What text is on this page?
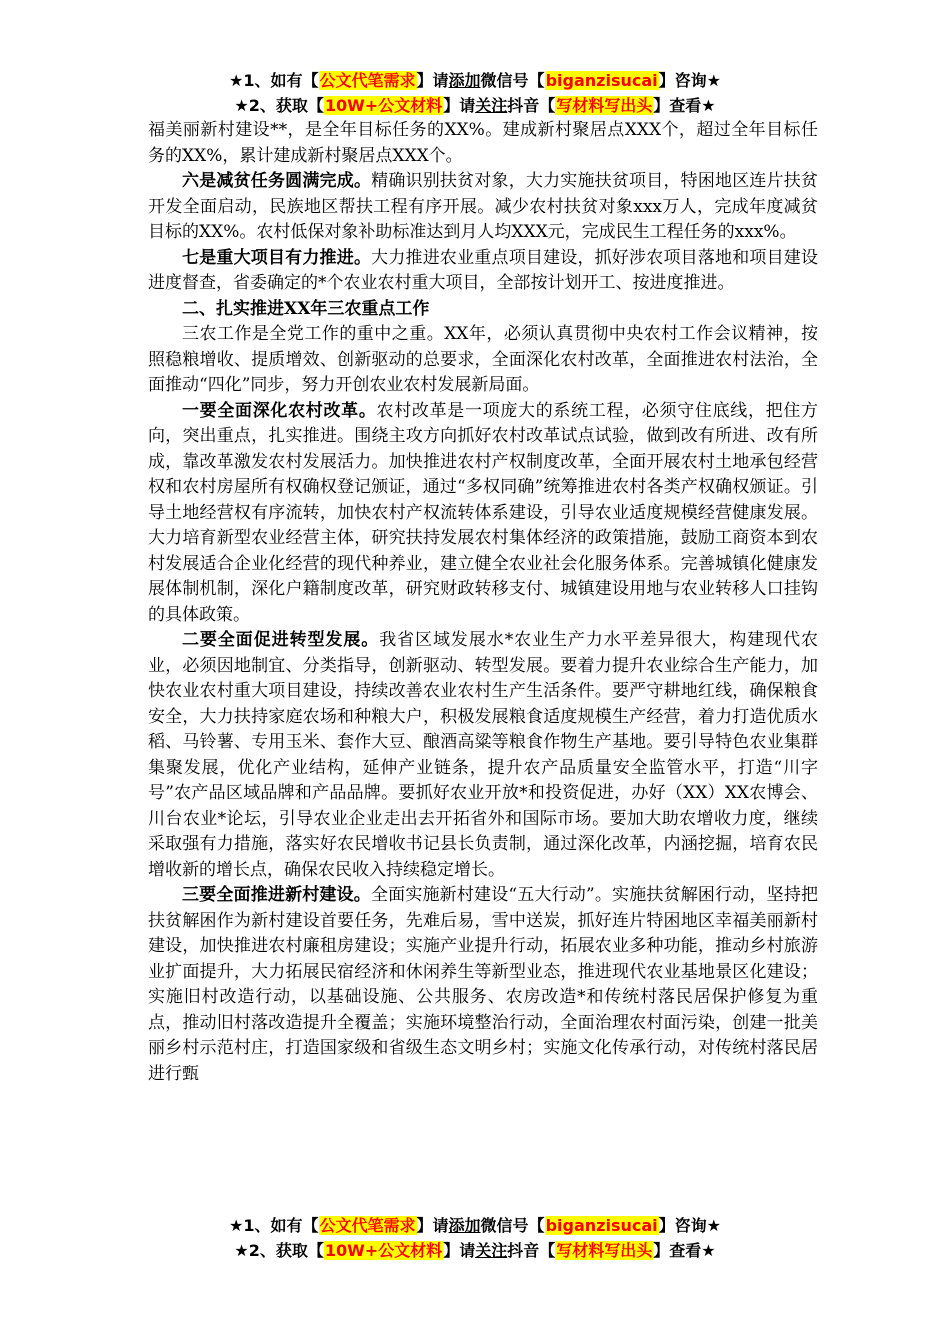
★1、如有【公文代笔需求】请添加微信号【biganzisucai】咨询★
★2、获取【10W+公文材料】请关注抖音【写材料写出头】查看★

福美丽新村建设**，是全年目标任务的XX%。建成新村聚居点XXX个，超过全年目标任务的XX%，累计建成新村聚居点XXX个。

六是减贫任务圆满完成。精确识别扶贫对象，大力实施扶贫项目，特困地区连片扶贫开发全面启动，民族地区帮扶工程有序开展。减少农村扶贫对象xxx万人，完成年度减贫目标的XX%。农村低保对象补助标准达到月人均XXX元，完成民生工程任务的xxx%。

七是重大项目有力推进。大力推进农业重点项目建设，抓好涉农项目落地和项目建设进度督查，省委确定的*个农业农村重大项目，全部按计划开工、按进度推进。

二、扎实推进XX年三农重点工作

三农工作是全党工作的重中之重。XX年，必须认真贯彻中央农村工作会议精神，按照稳粮增收、提质增效、创新驱动的总要求，全面深化农村改革，全面推进农村法治，全面推动“四化”同步，努力开创农业农村发展新局面。

一要全面深化农村改革。农村改革是一项庞大的系统工程，必须守住底线，把住方向，突出重点，扎实推进。围绕主攻方向抓好农村改革试点试验，做到改有所进、改有所成，靠改革激发农村发展活力。加快推进农村产权制度改革，全面开展农村土地承包经营权和农村房屋所有权确权登记颁证，通过“多权同确”统筹推进农村各类产权确权颁证。引导土地经营权有序流转，加快农村产权流转体系建设，引导农业适度规模经营健康发展。大力培育新型农业经营主体，研究扶持发展农村集体经济的政策措施，鼓励工商资本到农村发展适合企业化经营的现代种养业，建立健全农业社会化服务体系。完善城镇化健康发展体制机制，深化户籍制度改革，研究财政转移支付、城镇建设用地与农业转移人口挂钩的具体政策。

二要全面促进转型发展。我省区域发展水*农业生产力水平差异很大，构建现代农业，必须因地制宜、分类指导，创新驱动、转型发展。要着力提升农业综合生产能力，加快农业农村重大项目建设，持续改善农业农村生产生活条件。要严守耕地红线，确保粮食安全，大力扶持家庭农场和种粮大户，积极发展粮食适度规模生产经营，着力打造优质水稻、马铃薯、专用玉米、套作大豆、酿酒高粱等粮食作物生产基地。要引导特色农业集群集聚发展，优化产业结构，延伸产业链条，提升农产品质量安全监管水平，打造“川字号”农产品区域品牌和产品品牌。要抓好农业开放*和投资促进，办好（XX）XX农博会、川台农业*论坛，引导农业企业走出去开拓省外和国际市场。要加大助农增收力度，继续采取强有力措施，落实好农民增收书记县长负责制，通过深化改革，内涵挖掘，培育农民增收新的增长点，确保农民收入持续稳定增长。

三要全面推进新村建设。全面实施新村建设“五大行动”。实施扶贫解困行动，坚持把扶贫解困作为新村建设首要任务，先难后易，雪中送炭，抓好连片特困地区幸福美丽新村建设，加快推进农村廉租房建设；实施产业提升行动，拓展农业多种功能，推动乡村旅游业扩面提升，大力拓展民宿经济和休闲养生等新型业态，推进现代农业基地景区化建设；实施旧村改造行动，以基础设施、公共服务、农房改造*和传统村落民居保护修复为重点，推动旧村落改造提升全覆盖；实施环境整治行动，全面治理农村面污染，创建一批美丽乡村示范村庄，打造国家级和省级生态文明乡村；实施文化传承行动，对传统村落民居进行甄

★1、如有【公文代笔需求】请添加微信号【biganzisucai】咨询★
★2、获取【10W+公文材料】请关注抖音【写材料写出头】查看★
